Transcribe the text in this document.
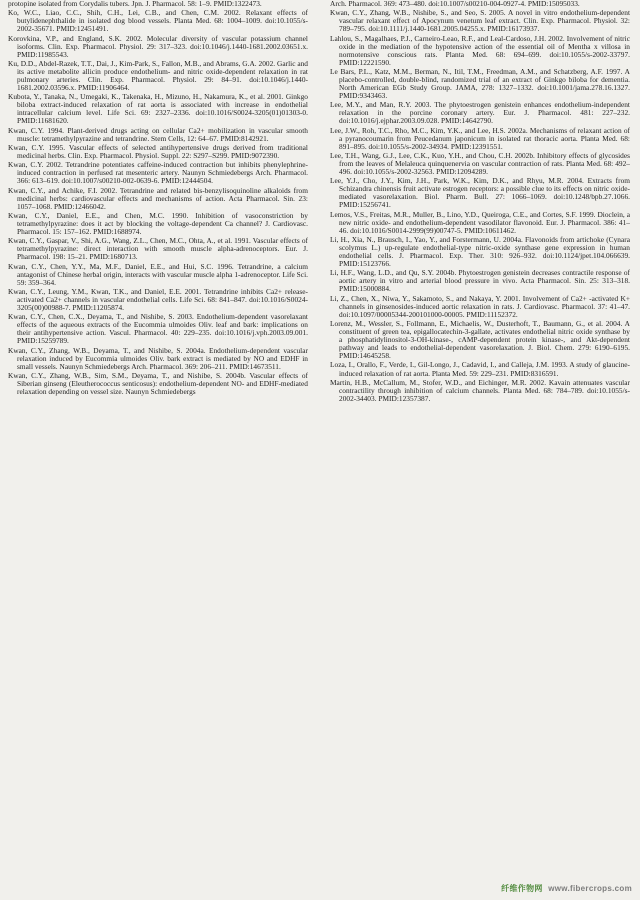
protopine isolated from Corydalis tubers. Jpn. J. Pharmacol. 58: 1–9. PMID:1322473.

Ko, W.C., Liao, C.C., Shih, C.H., Lei, C.B., and Chen, C.M. 2002. Relaxant effects of butylidenephthalide in isolated dog blood vessels. Planta Med. 68: 1004–1009. doi:10.1055/s-2002-35671. PMID:12451491.

Korovkina, V.P., and England, S.K. 2002. Molecular diversity of vascular potassium channel isoforms. Clin. Exp. Pharmacol. Physiol. 29: 317–323. doi:10.1046/j.1440-1681.2002.03651.x. PMID:11985543.

Ku, D.D., Abdel-Razek, T.T., Dai, J., Kim-Park, S., Fallon, M.B., and Abrams, G.A. 2002. Garlic and its active metabolite allicin produce endothelium- and nitric oxide-dependent relaxation in rat pulmonary arteries. Clin. Exp. Pharmacol. Physiol. 29: 84–91. doi:10.1046/j.1440-1681.2002.03596.x. PMID:11906464.

Kubota, Y., Tanaka, N., Umegaki, K., Takenaka, H., Mizuno, H., Nakamura, K., et al. 2001. Ginkgo biloba extract-induced relaxation of rat aorta is associated with increase in endothelial intracellular calcium level. Life Sci. 69: 2327–2336. doi:10.1016/S0024-3205(01)01303-0. PMID:11681620.

Kwan, C.Y. 1994. Plant-derived drugs acting on cellular Ca2+ mobilization in vascular smooth muscle: tetramethylpyrazine and tetrandrine. Stem Cells, 12: 64–67. PMID:8142921.

Kwan, C.Y. 1995. Vascular effects of selected antihypertensive drugs derived from traditional medicinal herbs. Clin. Exp. Pharmacol. Physiol. Suppl. 22: S297–S299. PMID:9072390.

Kwan, C.Y. 2002. Tetrandrine potentiates caffeine-induced contraction but inhibits phenylephrine-induced contraction in perfused rat mesenteric artery. Naunyn Schmiedebergs Arch. Pharmacol. 366: 613–619. doi:10.1007/s00210-002-0639-6. PMID:12444504.

Kwan, C.Y., and Achike, F.I. 2002. Tetrandrine and related bis-benzylisoquinoline alkaloids from medicinal herbs: cardiovascular effects and mechanisms of action. Acta Pharmacol. Sin. 23: 1057–1068. PMID:12466042.

Kwan, C.Y., Daniel, E.E., and Chen, M.C. 1990. Inhibition of vasoconstriction by tetramethylpyrazine: does it act by blocking the voltage-dependent Ca channel? J. Cardiovasc. Pharmacol. 15: 157–162. PMID:1688974.

Kwan, C.Y., Gaspar, V., Shi, A.G., Wang, Z.L., Chen, M.C., Ohta, A., et al. 1991. Vascular effects of tetramethylpyrazine: direct interaction with smooth muscle alpha-adrenoceptors. Eur. J. Pharmacol. 198: 15–21. PMID:1680713.

Kwan, C.Y., Chen, Y.Y., Ma, M.F., Daniel, E.E., and Hui, S.C. 1996. Tetrandrine, a calcium antagonist of Chinese herbal origin, interacts with vascular muscle alpha 1-adrenoceptor. Life Sci. 59: 359–364.

Kwan, C.Y., Leung, Y.M., Kwan, T.K., and Daniel, E.E. 2001. Tetrandrine inhibits Ca2+ release-activated Ca2+ channels in vascular endothelial cells. Life Sci. 68: 841–847. doi:10.1016/S0024-3205(00)00988-7. PMID:11205874.

Kwan, C.Y., Chen, C.X., Deyama, T., and Nishibe, S. 2003. Endothelium-dependent vasorelaxant effects of the aqueous extracts of the Eucommia ulmoides Oliv. leaf and bark: implications on their antihypertensive action. Vascul. Pharmacol. 40: 229–235. doi:10.1016/j.vph.2003.09.001. PMID:15259789.

Kwan, C.Y., Zhang, W.B., Deyama, T., and Nishibe, S. 2004a. Endothelium-dependent vascular relaxation induced by Eucommia ulmoides Oliv. bark extract is mediated by NO and EDHF in small vessels. Naunyn Schmiedebergs Arch. Pharmacol. 369: 206–211. PMID:14673511.

Kwan, C.Y., Zhang, W.B., Sim, S.M., Deyama, T., and Nishibe, S. 2004b. Vascular effects of Siberian ginseng (Eleutherococcus senticosus): endothelium-dependent NO- and EDHF-mediated relaxation depending on vessel size. Naunyn Schmiedebergs

Arch. Pharmacol. 369: 473–480. doi:10.1007/s00210-004-0927-4. PMID:15095033.

Kwan, C.Y., Zhang, W.B., Nishibe, S., and Seo, S. 2005. A novel in vitro endothelium-dependent vascular relaxant effect of Apocynum venetum leaf extract. Clin. Exp. Pharmacol. Physiol. 32: 789–795. doi:10.1111/j.1440-1681.2005.04255.x. PMID:16173937.

Lahlou, S., Magalhaes, P.J., Carneiro-Leao, R.F., and Leal-Cardoso, J.H. 2002. Involvement of nitric oxide in the mediation of the hypotensive action of the essential oil of Mentha x villosa in normotensive conscious rats. Planta Med. 68: 694–699. doi:10.1055/s-2002-33797. PMID:12221590.

Le Bars, P.L., Katz, M.M., Berman, N., Itil, T.M., Freedman, A.M., and Schatzberg, A.F. 1997. A placebo-controlled, double-blind, randomized trial of an extract of Ginkgo biloba for dementia. North American EGb Study Group. JAMA, 278: 1327–1332. doi:10.1001/jama.278.16.1327. PMID:9343463.

Lee, M.Y., and Man, R.Y. 2003. The phytoestrogen genistein enhances endothelium-independent relaxation in the porcine coronary artery. Eur. J. Pharmacol. 481: 227–232. doi:10.1016/j.ejphar.2003.09.028. PMID:14642790.

Lee, J.W., Roh, T.C., Rho, M.C., Kim, Y.K., and Lee, H.S. 2002a. Mechanisms of relaxant action of a pyranocoumarin from Peucedanum japonicum in isolated rat thoracic aorta. Planta Med. 68: 891–895. doi:10.1055/s-2002-34934. PMID:12391551.

Lee, T.H., Wang, G.J., Lee, C.K., Kuo, Y.H., and Chou, C.H. 2002b. Inhibitory effects of glycosides from the leaves of Melaleuca quinquenervia on vascular contraction of rats. Planta Med. 68: 492–496. doi:10.1055/s-2002-32563. PMID:12094289.

Lee, Y.J., Cho, J.Y., Kim, J.H., Park, W.K., Kim, D.K., and Rhyu, M.R. 2004. Extracts from Schizandra chinensis fruit activate estrogen receptors: a possible clue to its effects on nitric oxide-mediated vasorelaxation. Biol. Pharm. Bull. 27: 1066–1069. doi:10.1248/bpb.27.1066. PMID:15256741.

Lemos, V.S., Freitas, M.R., Muller, B., Lino, Y.D., Queiroga, C.E., and Cortes, S.F. 1999. Dioclein, a new nitric oxide- and endothelium-dependent vasodilator flavonoid. Eur. J. Pharmacol. 386: 41–46. doi:10.1016/S0014-2999(99)00747-5. PMID:10611462.

Li, H., Xia, N., Brausch, I., Yao, Y., and Forstermann, U. 2004a. Flavonoids from artichoke (Cynara scolymus L.) up-regulate endothelial-type nitric-oxide synthase gene expression in human endothelial cells. J. Pharmacol. Exp. Ther. 310: 926–932. doi:10.1124/jpet.104.066639. PMID:15123766.

Li, H.F., Wang, L.D., and Qu, S.Y. 2004b. Phytoestrogen genistein decreases contractile response of aortic artery in vitro and arterial blood pressure in vivo. Acta Pharmacol. Sin. 25: 313–318. PMID:15000884.

Li, Z., Chen, X., Niwa, Y., Sakamoto, S., and Nakaya, Y. 2001. Involvement of Ca2+ -activated K+ channels in ginsenosides-induced aortic relaxation in rats. J. Cardiovasc. Pharmacol. 37: 41–47. doi:10.1097/00005344-200101000-00005. PMID:11152372.

Lorenz, M., Wessler, S., Follmann, E., Michaelis, W., Dusterhoft, T., Baumann, G., et al. 2004. A constituent of green tea, epigallocatechin-3-gallate, activates endothelial nitric oxide synthase by a phosphatidylinositol-3-OH-kinase-, cAMP-dependent protein kinase-, and Akt-dependent pathway and leads to endothelial-dependent vasorelaxation. J. Biol. Chem. 279: 6190–6195. PMID:14645258.

Loza, I., Orallo, F., Verde, I., Gil-Longo, J., Cadavid, I., and Calleja, J.M. 1993. A study of glaucine-induced relaxation of rat aorta. Planta Med. 59: 229–231. PMID:8316591.

Martin, H.B., McCallum, M., Stofer, W.D., and Eichinger, M.R. 2002. Kavain attenuates vascular contractility through inhibition of calcium channels. Planta Med. 68: 784–789. doi:10.1055/s-2002-34403. PMID:12357387.

纤维作物网 www.fibercrops.com
